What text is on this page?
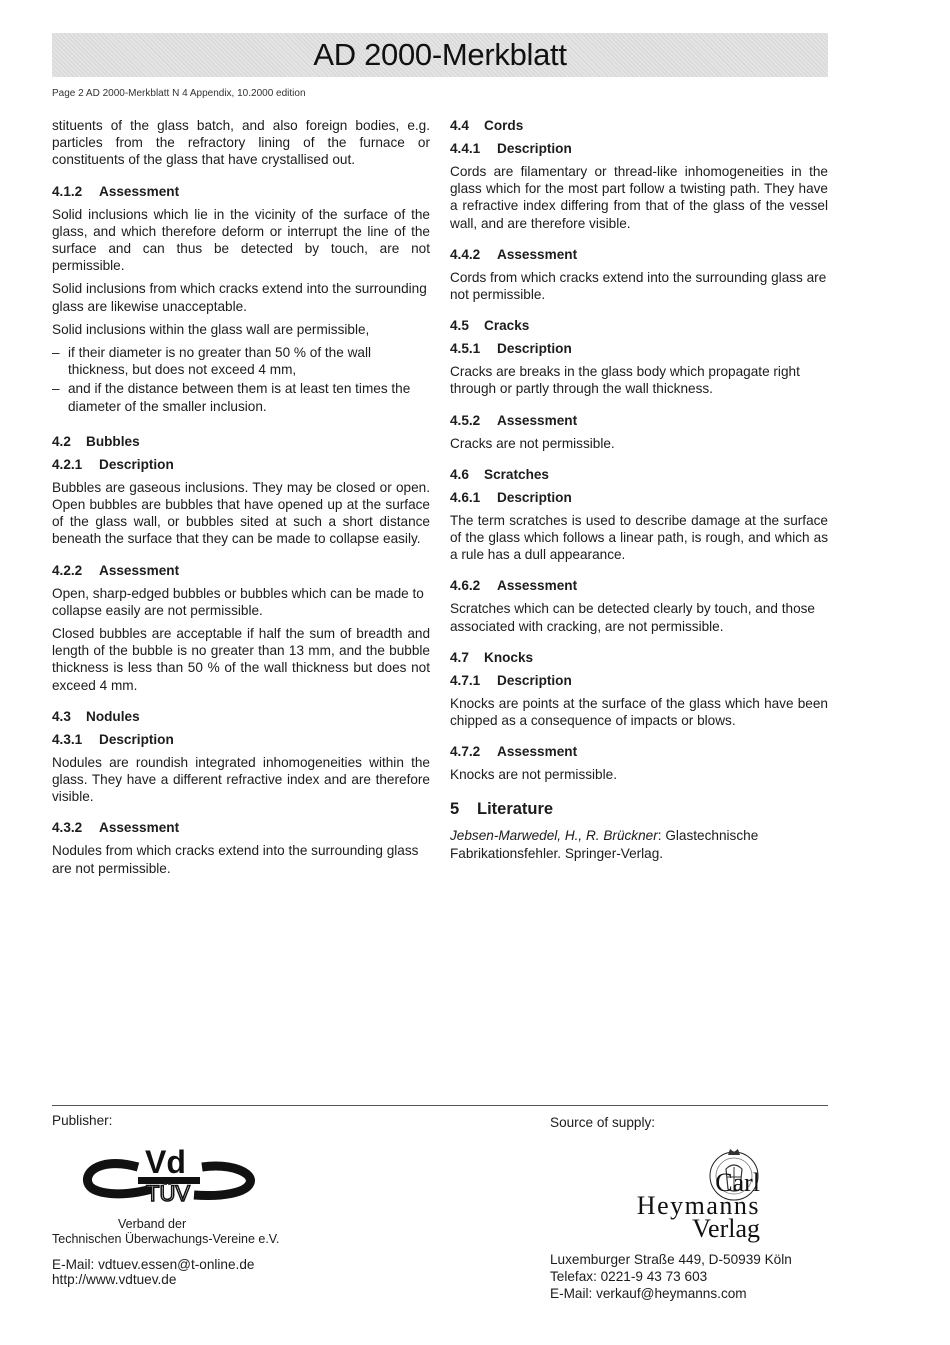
AD 2000-Merkblatt
Page 2 AD 2000-Merkblatt N 4 Appendix, 10.2000 edition

stituents of the glass batch, and also foreign bodies, e.g. particles from the refractory lining of the furnace or constituents of the glass that have crystallised out.

4.1.2 Assessment

Solid inclusions which lie in the vicinity of the surface of the glass, and which therefore deform or interrupt the line of the surface and can thus be detected by touch, are not permissible.

Solid inclusions from which cracks extend into the surrounding glass are likewise unacceptable.

Solid inclusions within the glass wall are permissible,

– if their diameter is no greater than 50 % of the wall thickness, but does not exceed 4 mm,
– and if the distance between them is at least ten times the diameter of the smaller inclusion.
4.2 Bubbles
4.2.1 Description

Bubbles are gaseous inclusions. They may be closed or open. Open bubbles are bubbles that have opened up at the surface of the glass wall, or bubbles sited at such a short distance beneath the surface that they can be made to collapse easily.

4.2.2 Assessment

Open, sharp-edged bubbles or bubbles which can be made to collapse easily are not permissible.

Closed bubbles are acceptable if half the sum of breadth and length of the bubble is no greater than 13 mm, and the bubble thickness is less than 50 % of the wall thickness but does not exceed 4 mm.

4.3 Nodules
4.3.1 Description

Nodules are roundish integrated inhomogeneities within the glass. They have a different refractive index and are therefore visible.

4.3.2 Assessment

Nodules from which cracks extend into the surrounding glass are not permissible.

4.4 Cords
4.4.1 Description

Cords are filamentary or thread-like inhomogeneities in the glass which for the most part follow a twisting path. They have a refractive index differing from that of the glass of the vessel wall, and are therefore visible.

4.4.2 Assessment

Cords from which cracks extend into the surrounding glass are not permissible.

4.5 Cracks
4.5.1 Description

Cracks are breaks in the glass body which propagate right through or partly through the wall thickness.

4.5.2 Assessment

Cracks are not permissible.

4.6 Scratches
4.6.1 Description

The term scratches is used to describe damage at the surface of the glass which follows a linear path, is rough, and which as a rule has a dull appearance.

4.6.2 Assessment

Scratches which can be detected clearly by touch, and those associated with cracking, are not permissible.

4.7 Knocks
4.7.1 Description

Knocks are points at the surface of the glass which have been chipped as a consequence of impacts or blows.

4.7.2 Assessment

Knocks are not permissible.

5 Literature

Jebsen-Marwedel, H., R. Brückner: Glastechnische Fabrikationsfehler. Springer-Verlag.

Publisher:
Vd
TÜV
Verband der
Technischen Überwachungs-Vereine e.V.
E-Mail: vdtuev.essen@t-online.de
http://www.vdtuev.de
Source of supply:
Carl
Heymanns
Verlag
Luxemburger Straße 449, D-50939 Köln
Telefax: 0221-9 43 73 603
E-Mail: verkauf@heymanns.com
